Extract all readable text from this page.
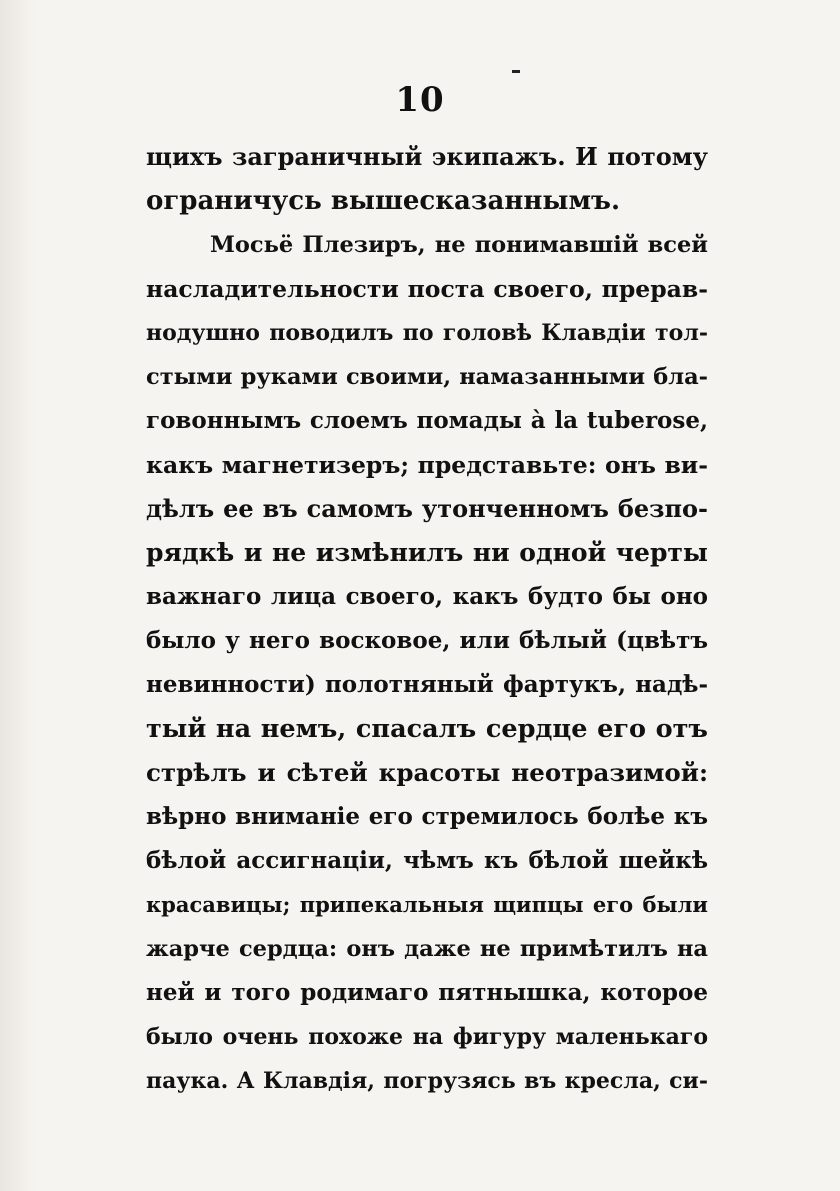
10
щихъ заграничный экипажъ. И потому
ограничусь вышесказаннымъ.
Мосьё Плезиръ, не понимавшій всей
насладительности поста своего, прерав-
нодушно поводилъ по головѣ Клавдіи тол-
стыми руками своими, намазанными бла-
говоннымъ слоемъ помады à la tuberose,
какъ магнетизеръ; представьте: онъ ви-
дѣлъ ее въ самомъ утонченномъ безпо-
рядкѣ и не измѣнилъ ни одной черты
важнаго лица своего, какъ будто бы оно
было у него восковое, или бѣлый (цвѣтъ
невинности) полотняный фартукъ, надѣ-
тый на немъ, спасалъ сердце его отъ
стрѣлъ и сѣтей красоты неотразимой:
вѣрно вниманіе его стремилось болѣе къ
бѣлой ассигнаціи, чѣмъ къ бѣлой шейкѣ
красавицы; припекальныя щипцы его были
жарче сердца: онъ даже не примѣтилъ на
ней и того родимаго пятнышка, которое
было очень похоже на фигуру маленькаго
паука. А Клавдія, погрузясь въ кресла, си-
